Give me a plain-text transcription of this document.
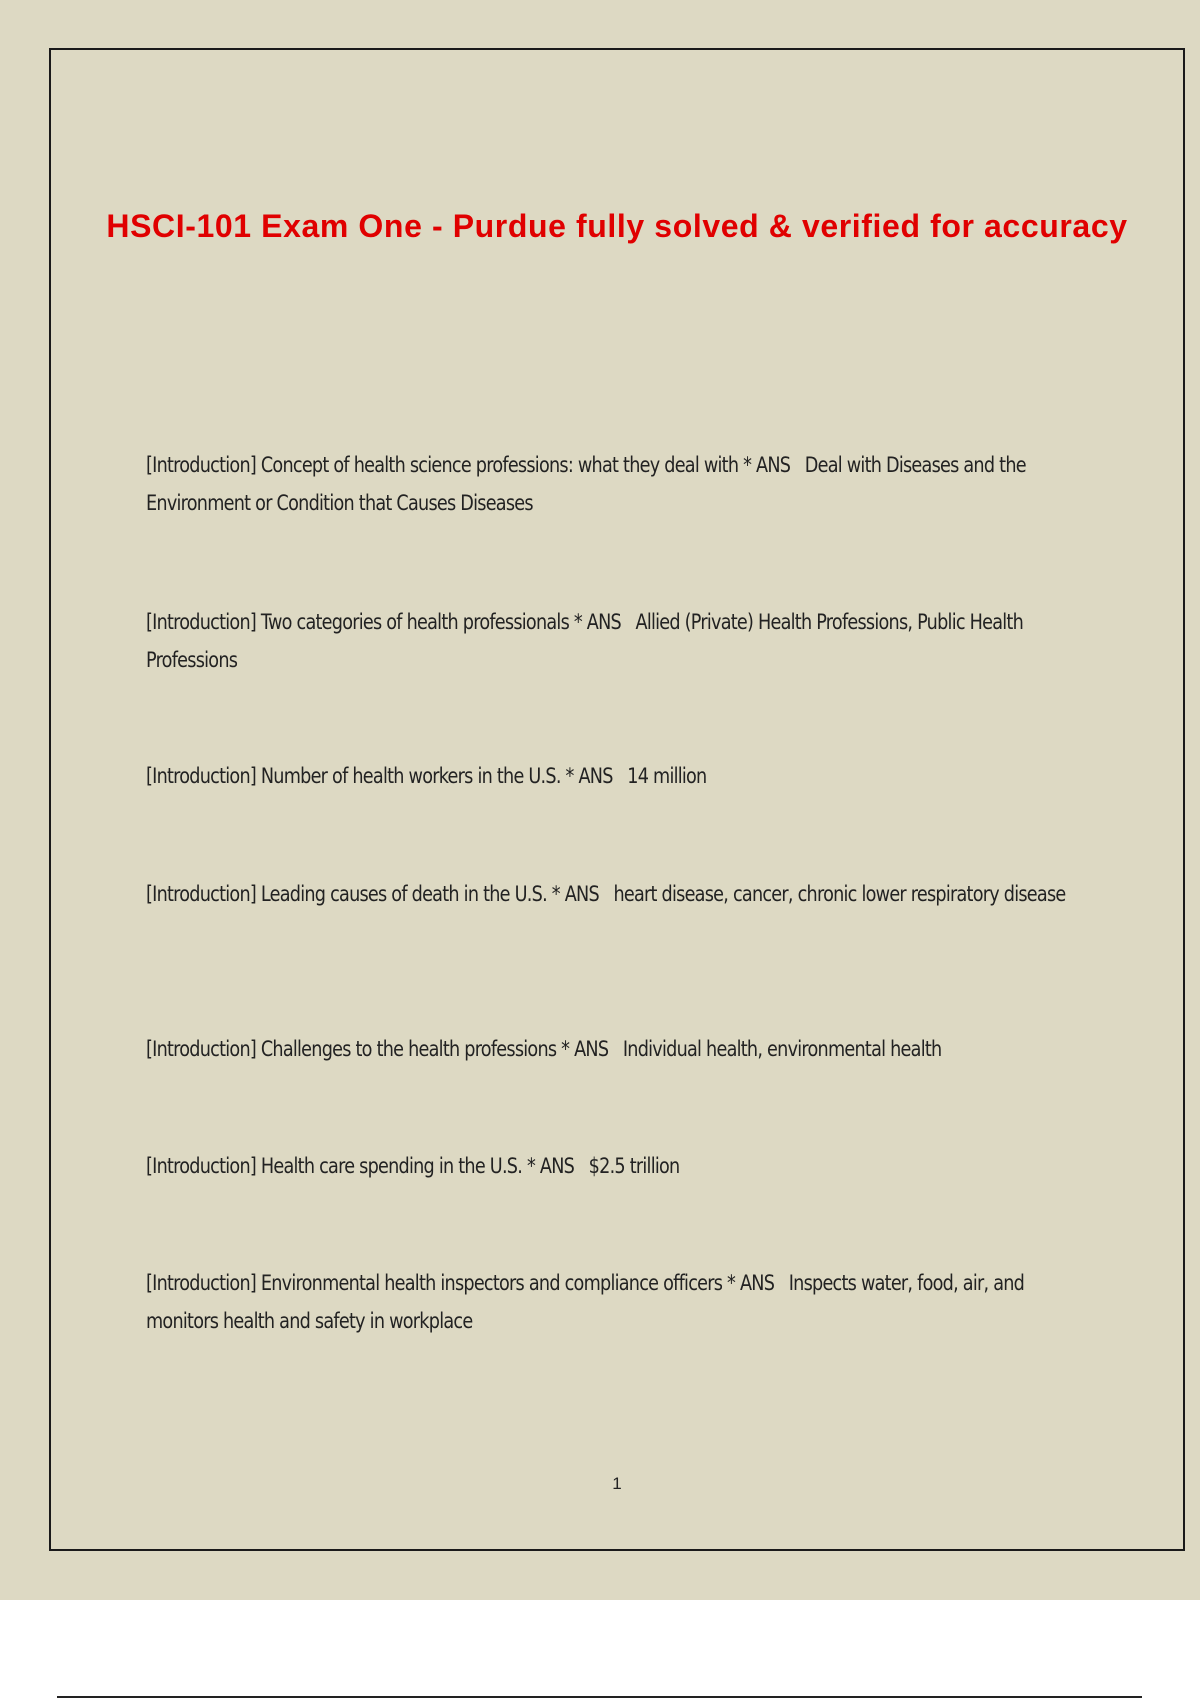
HSCI-101 Exam One - Purdue fully solved & verified for accuracy

[Introduction] Concept of health science professions: what they deal with * ANS Deal with Diseases and the Environment or Condition that Causes Diseases

[Introduction] Two categories of health professionals * ANS Allied (Private) Health Professions, Public Health Professions

[Introduction] Number of health workers in the U.S. * ANS 14 million

[Introduction] Leading causes of death in the U.S. * ANS heart disease, cancer, chronic lower respiratory disease

[Introduction] Challenges to the health professions * ANS Individual health, environmental health

[Introduction] Health care spending in the U.S. * ANS $2.5 trillion

[Introduction] Environmental health inspectors and compliance officers * ANS Inspects water, food, air, and monitors health and safety in workplace

1
